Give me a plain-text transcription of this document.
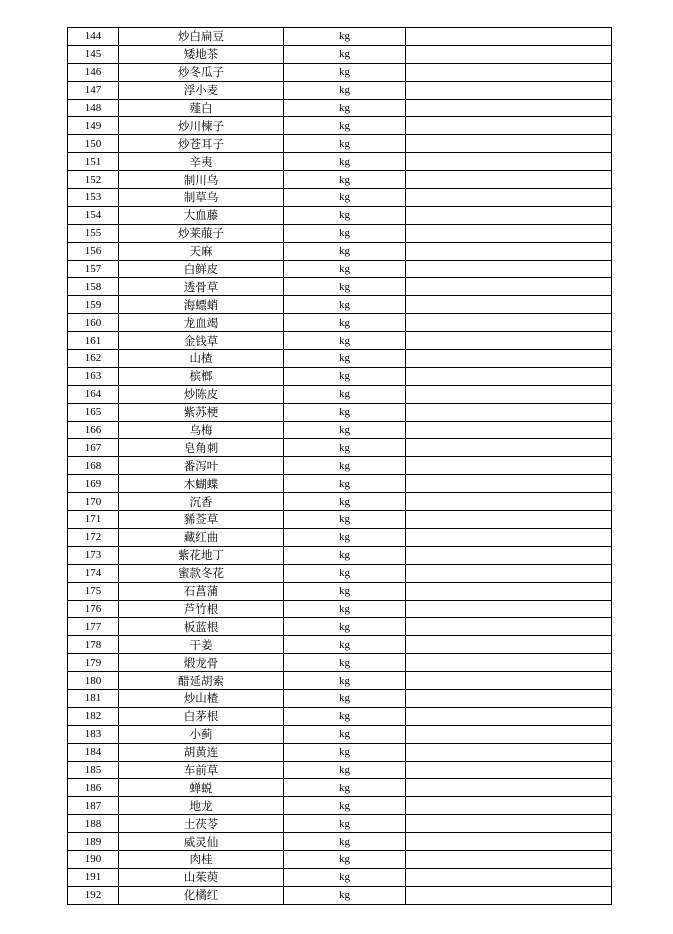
144	炒白扁豆	kg	
145	矮地茶	kg	
146	炒冬瓜子	kg	
147	浮小麦	kg	
148	薤白	kg	
149	炒川楝子	kg	
150	炒苍耳子	kg	
151	辛夷	kg	
152	制川乌	kg	
153	制草乌	kg	
154	大血藤	kg	
155	炒莱菔子	kg	
156	天麻	kg	
157	白鲜皮	kg	
158	透骨草	kg	
159	海螵蛸	kg	
160	龙血竭	kg	
161	金钱草	kg	
162	山楂	kg	
163	槟榔	kg	
164	炒陈皮	kg	
165	紫苏梗	kg	
166	乌梅	kg	
167	皂角刺	kg	
168	番泻叶	kg	
169	木蝴蝶	kg	
170	沉香	kg	
171	豨莶草	kg	
172	藏红曲	kg	
173	紫花地丁	kg	
174	蜜款冬花	kg	
175	石菖蒲	kg	
176	芦竹根	kg	
177	板蓝根	kg	
178	干姜	kg	
179	煅龙骨	kg	
180	醋延胡索	kg	
181	炒山楂	kg	
182	白茅根	kg	
183	小蓟	kg	
184	胡黄连	kg	
185	车前草	kg	
186	蝉蜕	kg	
187	地龙	kg	
188	土茯苓	kg	
189	威灵仙	kg	
190	肉桂	kg	
191	山茱萸	kg	
192	化橘红	kg	
